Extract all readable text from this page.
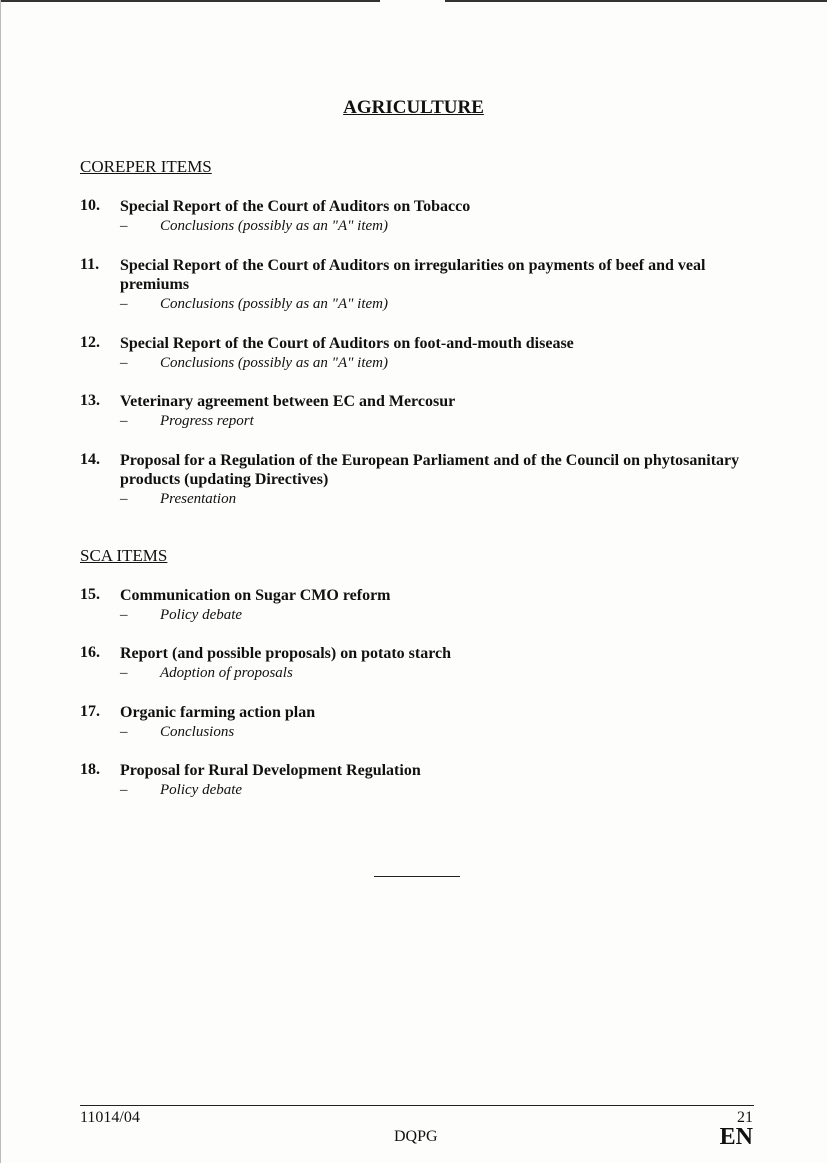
AGRICULTURE
COREPER ITEMS
10. Special Report of the Court of Auditors on Tobacco
–	Conclusions (possibly as an "A" item)
11. Special Report of the Court of Auditors on irregularities on payments of beef and veal premiums
–	Conclusions (possibly as an "A" item)
12. Special Report of the Court of Auditors on foot-and-mouth disease
–	Conclusions (possibly as an "A" item)
13. Veterinary agreement between EC and Mercosur
–	Progress report
14. Proposal for a Regulation of the European Parliament and of the Council on phytosanitary products (updating Directives)
–	Presentation
SCA ITEMS
15. Communication on Sugar CMO reform
–	Policy debate
16. Report (and possible proposals) on potato starch
–	Adoption of proposals
17. Organic farming action plan
–	Conclusions
18. Proposal for Rural Development Regulation
–	Policy debate
11014/04
DQPG
21
EN
